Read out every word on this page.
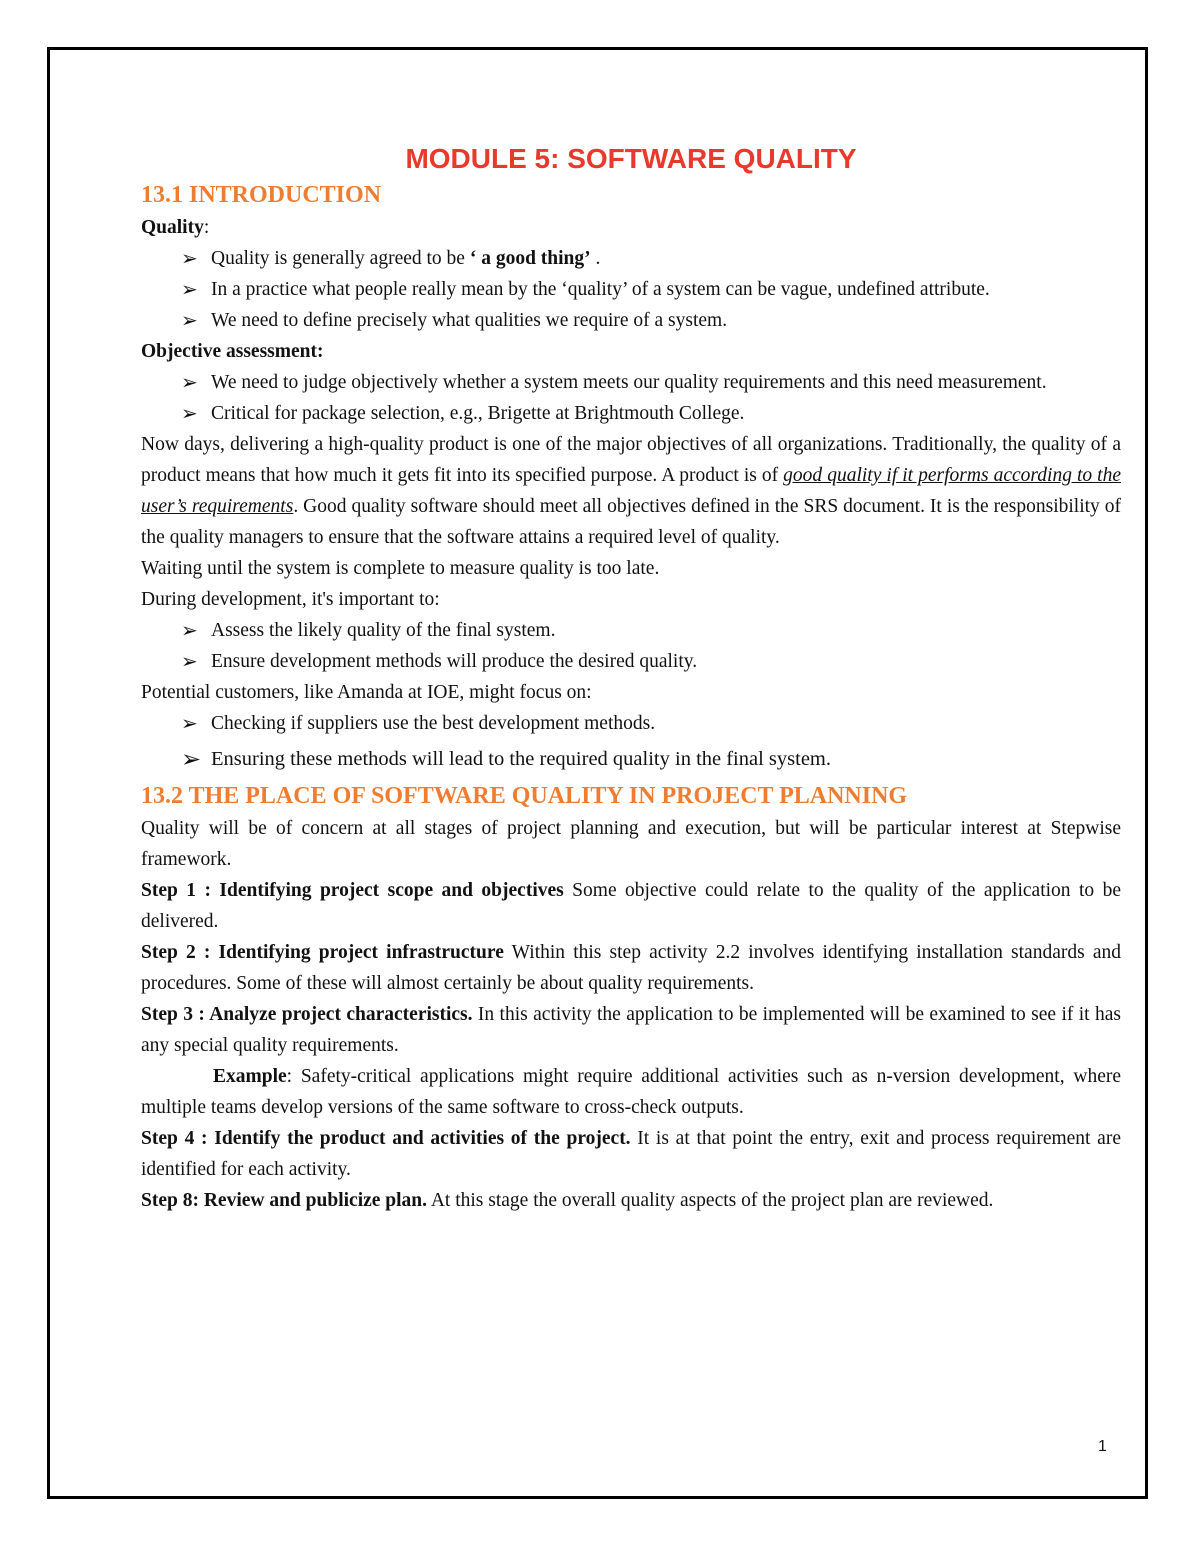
MODULE 5: SOFTWARE QUALITY
13.1 INTRODUCTION

Quality:

➢ Quality is generally agreed to be ‘ a good thing’ .
➢ In a practice what people really mean by the ‘quality’ of a system can be vague, undefined attribute.
➢ We need to define precisely what qualities we require of a system.

Objective assessment:

➢ We need to judge objectively whether a system meets our quality requirements and this need measurement.
➢ Critical for package selection, e.g., Brigette at Brightmouth College.

Now days, delivering a high-quality product is one of the major objectives of all organizations. Traditionally, the quality of a product means that how much it gets fit into its specified purpose. A product is of good quality if it performs according to the user’s requirements. Good quality software should meet all objectives defined in the SRS document. It is the responsibility of the quality managers to ensure that the software attains a required level of quality.

Waiting until the system is complete to measure quality is too late.

During development, it's important to:

➢ Assess the likely quality of the final system.
➢ Ensure development methods will produce the desired quality.

Potential customers, like Amanda at IOE, might focus on:

➢ Checking if suppliers use the best development methods.
➢ Ensuring these methods will lead to the required quality in the final system.
13.2 THE PLACE OF SOFTWARE QUALITY IN PROJECT PLANNING

Quality will be of concern at all stages of project planning and execution, but will be particular interest at Stepwise framework.

Step 1 : Identifying project scope and objectives Some objective could relate to the quality of the application to be delivered.

Step 2 : Identifying project infrastructure Within this step activity 2.2 involves identifying installation standards and procedures. Some of these will almost certainly be about quality requirements.

Step 3 : Analyze project characteristics. In this activity the application to be implemented will be examined to see if it has any special quality requirements.

Example: Safety-critical applications might require additional activities such as n-version development, where multiple teams develop versions of the same software to cross-check outputs.

Step 4 : Identify the product and activities of the project. It is at that point the entry, exit and process requirement are identified for each activity.

Step 8: Review and publicize plan. At this stage the overall quality aspects of the project plan are reviewed.

1
